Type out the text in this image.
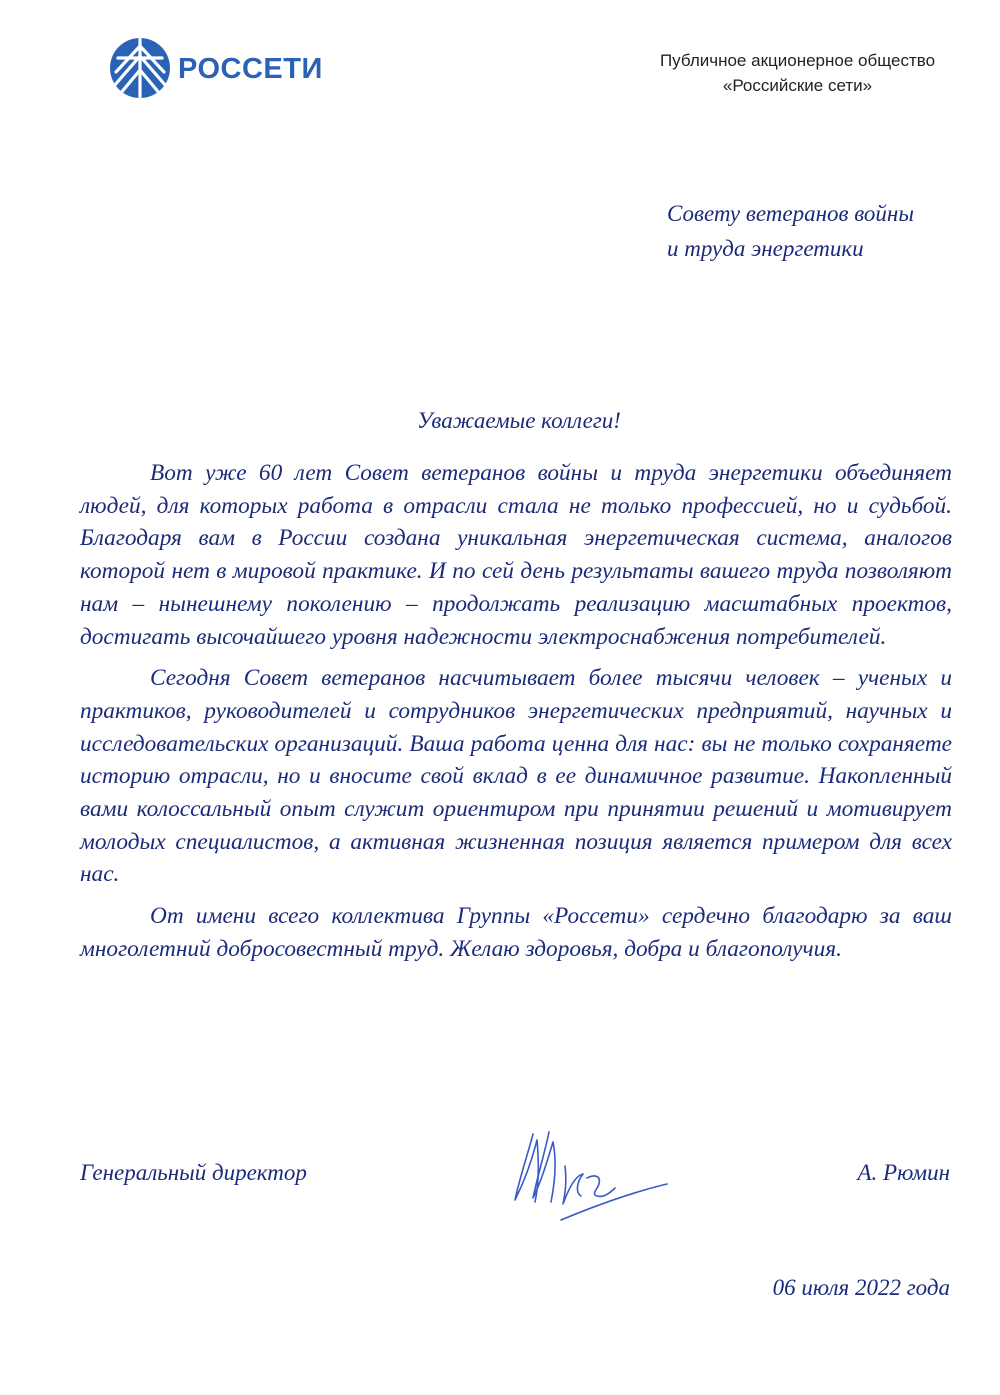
РОССЕТИ	Публичное акционерное общество
«Российские сети»
Совету ветеранов войны
и труда энергетики
Уважаемые коллеги!

Вот уже 60 лет Совет ветеранов войны и труда энергетики объединяет людей, для которых работа в отрасли стала не только профессией, но и судьбой. Благодаря вам в России создана уникальная энергетическая система, аналогов которой нет в мировой практике. И по сей день результаты вашего труда позволяют нам – нынешнему поколению – продолжать реализацию масштабных проектов, достигать высочайшего уровня надежности электроснабжения потребителей.

Сегодня Совет ветеранов насчитывает более тысячи человек – ученых и практиков, руководителей и сотрудников энергетических предприятий, научных и исследовательских организаций. Ваша работа ценна для нас: вы не только сохраняете историю отрасли, но и вносите свой вклад в ее динамичное развитие. Накопленный вами колоссальный опыт служит ориентиром при принятии решений и мотивирует молодых специалистов, а активная жизненная позиция является примером для всех нас.

От имени всего коллектива Группы «Россети» сердечно благодарю за ваш многолетний добросовестный труд. Желаю здоровья, добра и благополучия.

Генеральный директор	А. Рюмин
06 июля 2022 года
